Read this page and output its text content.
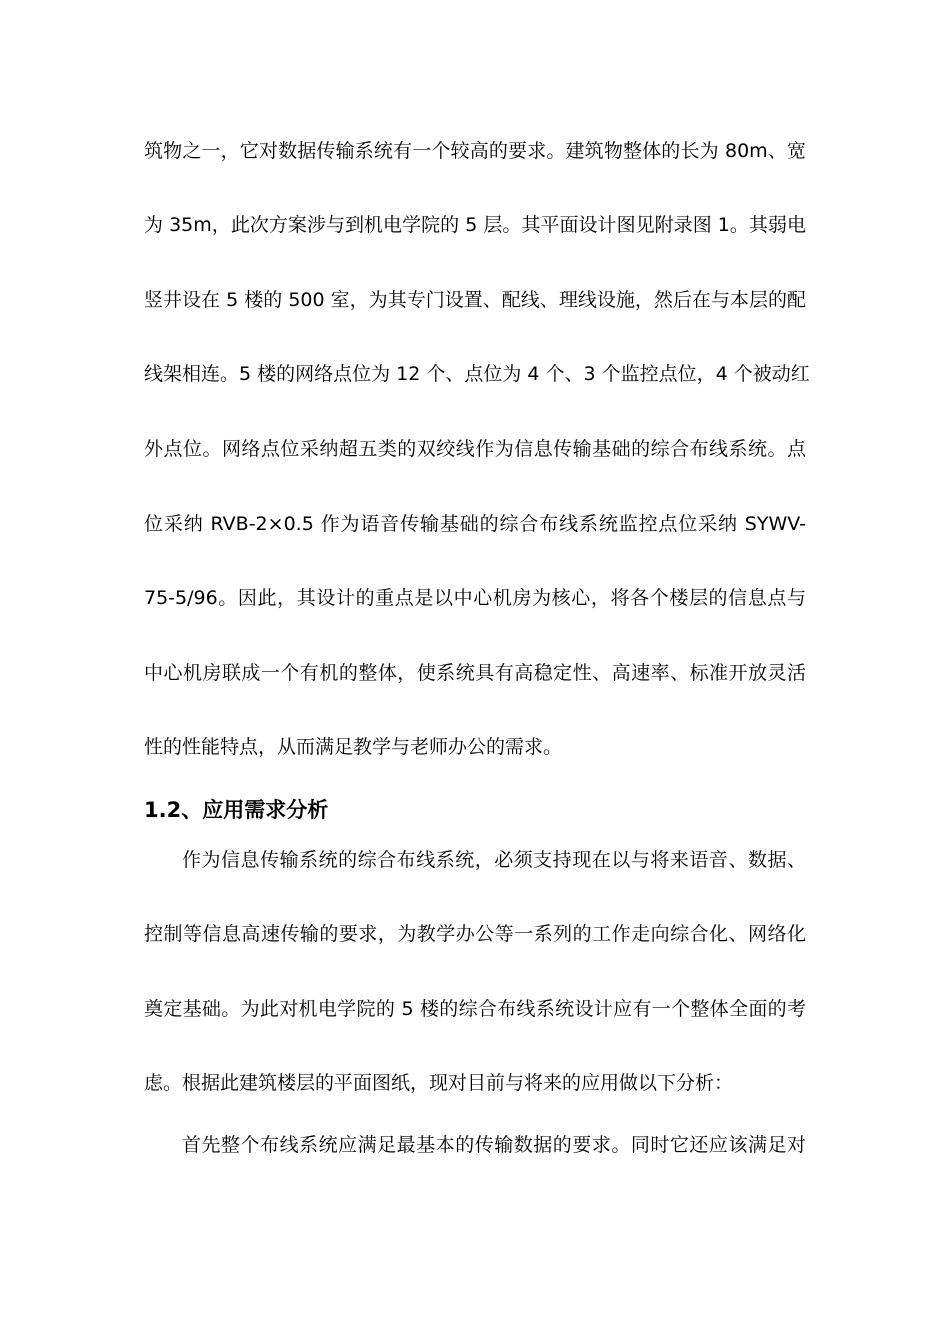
筑物之一，它对数据传输系统有一个较高的要求。建筑物整体的长为 80m、宽
为 35m，此次方案涉与到机电学院的 5 层。其平面设计图见附录图 1。其弱电
竖井设在 5 楼的 500 室，为其专门设置、配线、理线设施，然后在与本层的配
线架相连。5 楼的网络点位为 12 个、点位为 4 个、3 个监控点位，4 个被动红
外点位。网络点位采纳超五类的双绞线作为信息传输基础的综合布线系统。点
位采纳 RVB-2×0.5 作为语音传输基础的综合布线系统监控点位采纳 SYWV-
75-5/96。因此，其设计的重点是以中心机房为核心，将各个楼层的信息点与
中心机房联成一个有机的整体，使系统具有高稳定性、高速率、标准开放灵活
性的性能特点，从而满足教学与老师办公的需求。
1.2、应用需求分析
作为信息传输系统的综合布线系统，必须支持现在以与将来语音、数据、
控制等信息高速传输的要求，为教学办公等一系列的工作走向综合化、网络化
奠定基础。为此对机电学院的 5 楼的综合布线系统设计应有一个整体全面的考
虑。根据此建筑楼层的平面图纸，现对目前与将来的应用做以下分析：
首先整个布线系统应满足最基本的传输数据的要求。同时它还应该满足对
